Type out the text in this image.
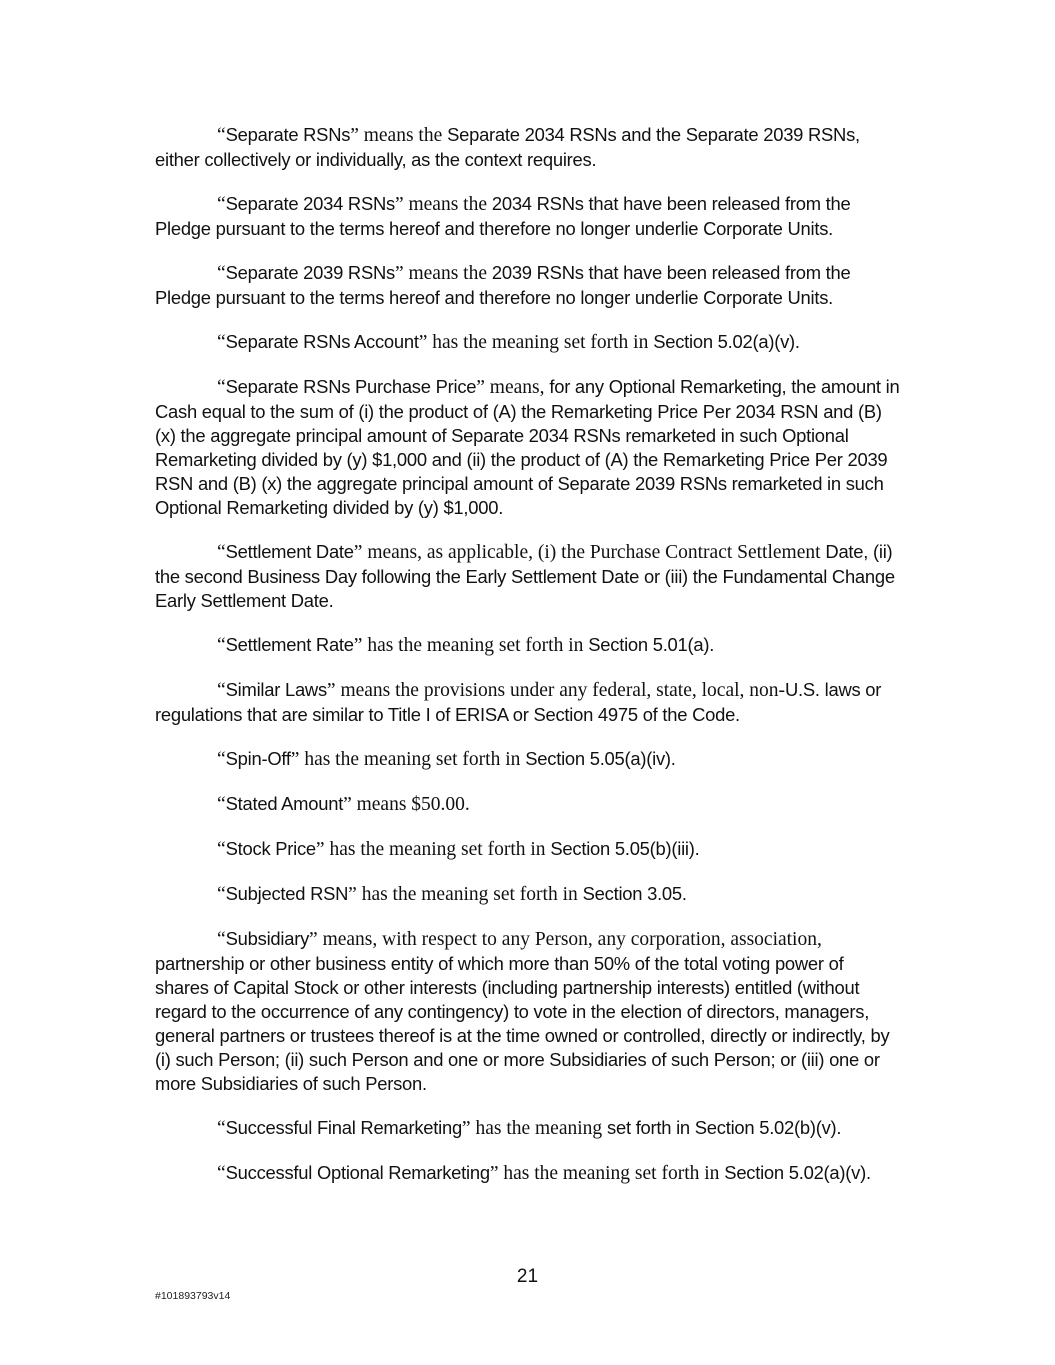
“Separate RSNs” means the Separate 2034 RSNs and the Separate 2039 RSNs, either collectively or individually, as the context requires.

“Separate 2034 RSNs” means the 2034 RSNs that have been released from the Pledge pursuant to the terms hereof and therefore no longer underlie Corporate Units.

“Separate 2039 RSNs” means the 2039 RSNs that have been released from the Pledge pursuant to the terms hereof and therefore no longer underlie Corporate Units.

“Separate RSNs Account” has the meaning set forth in Section 5.02(a)(v).

“Separate RSNs Purchase Price” means, for any Optional Remarketing, the amount in Cash equal to the sum of (i) the product of (A) the Remarketing Price Per 2034 RSN and (B) (x) the aggregate principal amount of Separate 2034 RSNs remarketed in such Optional Remarketing divided by (y) $1,000 and (ii) the product of (A) the Remarketing Price Per 2039 RSN and (B) (x) the aggregate principal amount of Separate 2039 RSNs remarketed in such Optional Remarketing divided by (y) $1,000.

“Settlement Date” means, as applicable, (i) the Purchase Contract Settlement Date, (ii) the second Business Day following the Early Settlement Date or (iii) the Fundamental Change Early Settlement Date.

“Settlement Rate” has the meaning set forth in Section 5.01(a).

“Similar Laws” means the provisions under any federal, state, local, non-U.S. laws or regulations that are similar to Title I of ERISA or Section 4975 of the Code.

“Spin-Off” has the meaning set forth in Section 5.05(a)(iv).

“Stated Amount” means $50.00.

“Stock Price” has the meaning set forth in Section 5.05(b)(iii).

“Subjected RSN” has the meaning set forth in Section 3.05.

“Subsidiary” means, with respect to any Person, any corporation, association, partnership or other business entity of which more than 50% of the total voting power of shares of Capital Stock or other interests (including partnership interests) entitled (without regard to the occurrence of any contingency) to vote in the election of directors, managers, general partners or trustees thereof is at the time owned or controlled, directly or indirectly, by (i) such Person; (ii) such Person and one or more Subsidiaries of such Person; or (iii) one or more Subsidiaries of such Person.

“Successful Final Remarketing” has the meaning set forth in Section 5.02(b)(v).

“Successful Optional Remarketing” has the meaning set forth in Section 5.02(a)(v).

21
#101893793v14
